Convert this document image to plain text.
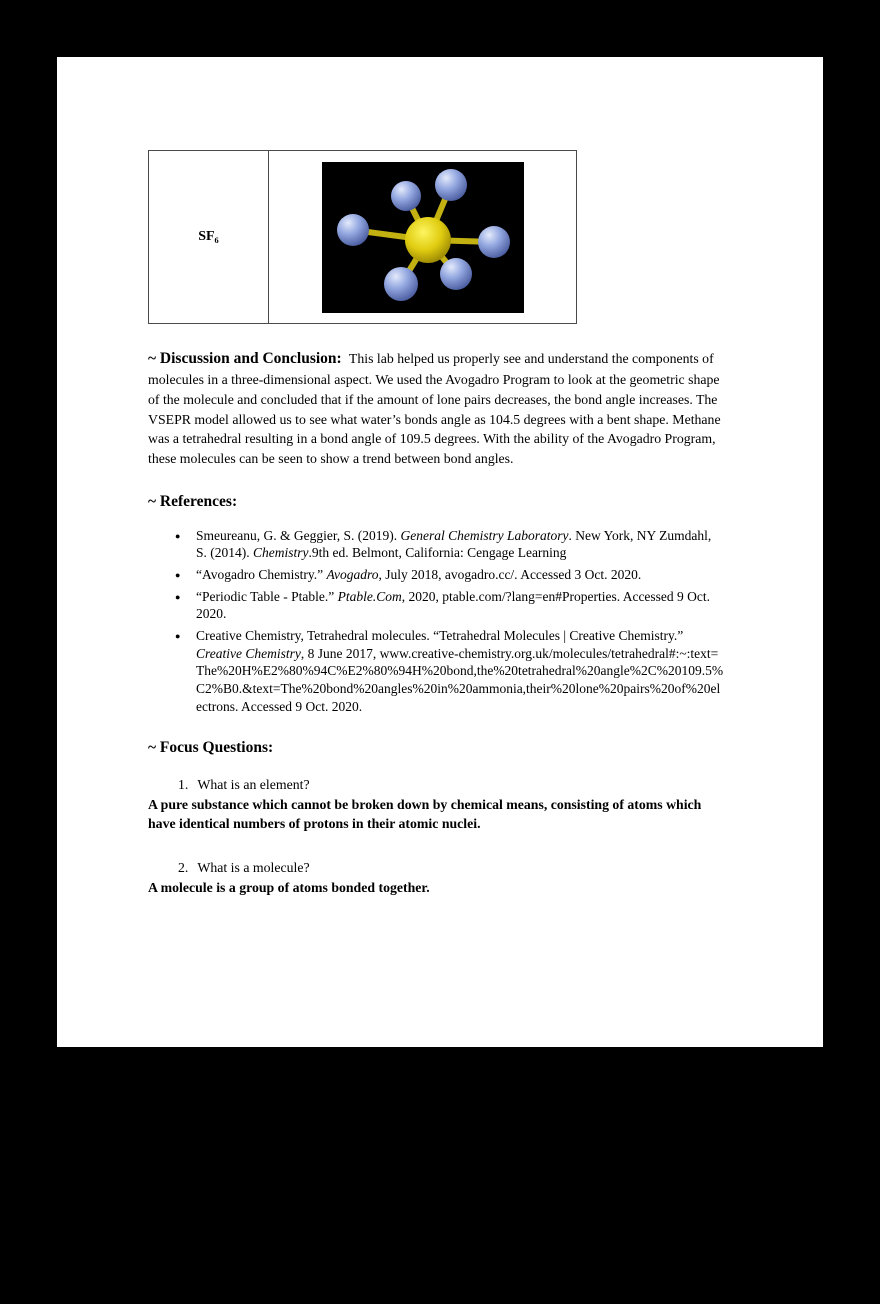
SF₆	

~ Discussion and Conclusion: This lab helped us properly see and understand the components of molecules in a three-dimensional aspect. We used the Avogadro Program to look at the geometric shape of the molecule and concluded that if the amount of lone pairs decreases, the bond angle increases. The VSEPR model allowed us to see what water’s bonds angle as 104.5 degrees with a bent shape. Methane was a tetrahedral resulting in a bond angle of 109.5 degrees. With the ability of the Avogadro Program, these molecules can be seen to show a trend between bond angles.

~ References:
●	Smeureanu, G. & Geggier, S. (2019). General Chemistry Laboratory. New York, NY Zumdahl, S. (2014). Chemistry.9th ed. Belmont, California: Cengage Learning
●	“Avogadro Chemistry.” Avogadro, July 2018, avogadro.cc/. Accessed 3 Oct. 2020.
●	“Periodic Table - Ptable.” Ptable.Com, 2020, ptable.com/?lang=en#Properties. Accessed 9 Oct. 2020.
●	Creative Chemistry, Tetrahedral molecules. “Tetrahedral Molecules | Creative Chemistry.” Creative Chemistry, 8 June 2017, www.creative-chemistry.org.uk/molecules/tetrahedral#:~:text=The%20H%E2%80%94C%E2%80%94H%20bond,the%20tetrahedral%20angle%2C%20109.5%C2%B0.&text=The%20bond%20angles%20in%20ammonia,their%20lone%20pairs%20of%20electrons. Accessed 9 Oct. 2020.
~ Focus Questions:
1. What is an element?

A pure substance which cannot be broken down by chemical means, consisting of atoms which have identical numbers of protons in their atomic nuclei.

2. What is a molecule?

A molecule is a group of atoms bonded together.
